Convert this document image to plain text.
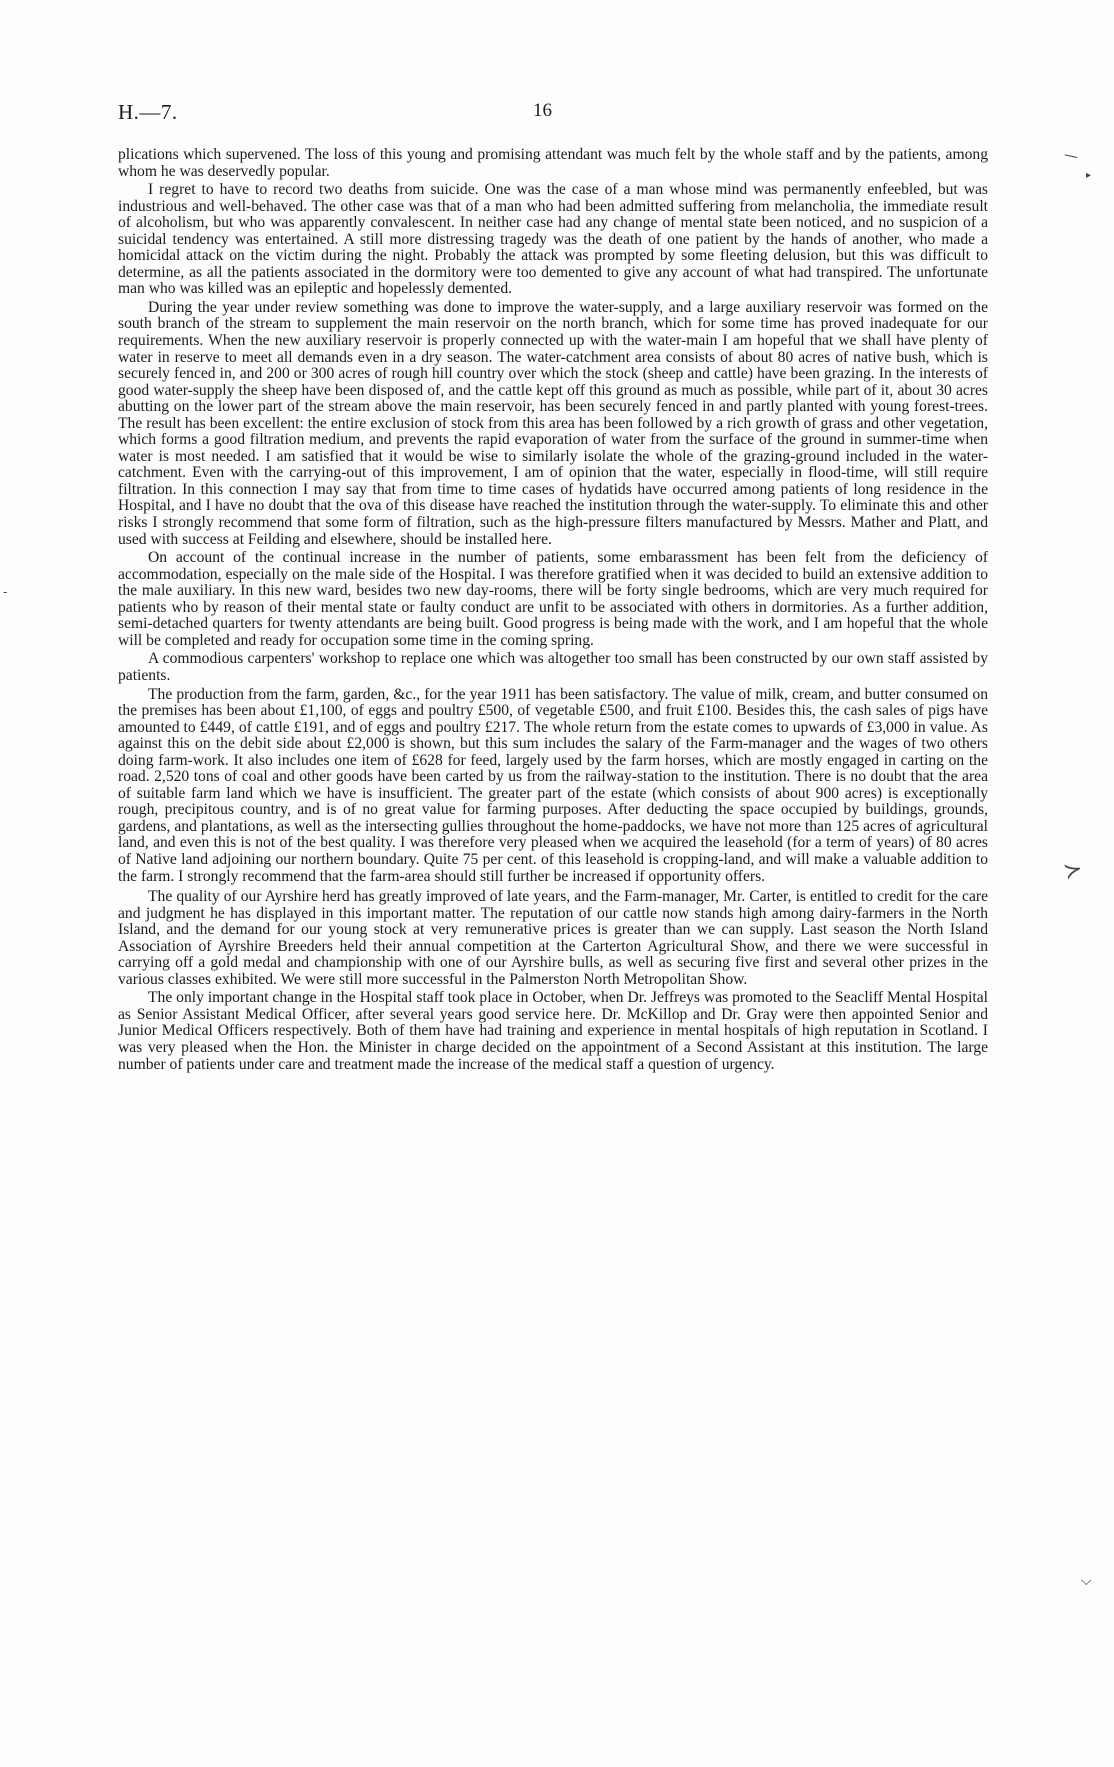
H.—7.	16

plications which supervened. The loss of this young and promising attendant was much felt by the whole staff and by the patients, among whom he was deservedly popular.

I regret to have to record two deaths from suicide. One was the case of a man whose mind was permanently enfeebled, but was industrious and well-behaved. The other case was that of a man who had been admitted suffering from melancholia, the immediate result of alcoholism, but who was apparently convalescent. In neither case had any change of mental state been noticed, and no suspicion of a suicidal tendency was entertained. A still more distressing tragedy was the death of one patient by the hands of another, who made a homicidal attack on the victim during the night. Probably the attack was prompted by some fleeting delusion, but this was difficult to determine, as all the patients associated in the dormitory were too demented to give any account of what had transpired. The unfortunate man who was killed was an epileptic and hopelessly demented.

During the year under review something was done to improve the water-supply, and a large auxiliary reservoir was formed on the south branch of the stream to supplement the main reservoir on the north branch, which for some time has proved inadequate for our requirements. When the new auxiliary reservoir is properly connected up with the water-main I am hopeful that we shall have plenty of water in reserve to meet all demands even in a dry season. The water-catchment area consists of about 80 acres of native bush, which is securely fenced in, and 200 or 300 acres of rough hill country over which the stock (sheep and cattle) have been grazing. In the interests of good water-supply the sheep have been disposed of, and the cattle kept off this ground as much as possible, while part of it, about 30 acres abutting on the lower part of the stream above the main reservoir, has been securely fenced in and partly planted with young forest-trees. The result has been excellent: the entire exclusion of stock from this area has been followed by a rich growth of grass and other vegetation, which forms a good filtration medium, and prevents the rapid evaporation of water from the surface of the ground in summer-time when water is most needed. I am satisfied that it would be wise to similarly isolate the whole of the grazing-ground included in the water-catchment. Even with the carrying-out of this improvement, I am of opinion that the water, especially in flood-time, will still require filtration. In this connection I may say that from time to time cases of hydatids have occurred among patients of long residence in the Hospital, and I have no doubt that the ova of this disease have reached the institution through the water-supply. To eliminate this and other risks I strongly recommend that some form of filtration, such as the high-pressure filters manufactured by Messrs. Mather and Platt, and used with success at Feilding and elsewhere, should be installed here.

On account of the continual increase in the number of patients, some embarassment has been felt from the deficiency of accommodation, especially on the male side of the Hospital. I was therefore gratified when it was decided to build an extensive addition to the male auxiliary. In this new ward, besides two new day-rooms, there will be forty single bedrooms, which are very much required for patients who by reason of their mental state or faulty conduct are unfit to be associated with others in dormitories. As a further addition, semi-detached quarters for twenty attendants are being built. Good progress is being made with the work, and I am hopeful that the whole will be completed and ready for occupation some time in the coming spring.

A commodious carpenters' workshop to replace one which was altogether too small has been constructed by our own staff assisted by patients.

The production from the farm, garden, &c., for the year 1911 has been satisfactory. The value of milk, cream, and butter consumed on the premises has been about £1,100, of eggs and poultry £500, of vegetable £500, and fruit £100. Besides this, the cash sales of pigs have amounted to £449, of cattle £191, and of eggs and poultry £217. The whole return from the estate comes to upwards of £3,000 in value. As against this on the debit side about £2,000 is shown, but this sum includes the salary of the Farm-manager and the wages of two others doing farm-work. It also includes one item of £628 for feed, largely used by the farm horses, which are mostly engaged in carting on the road. 2,520 tons of coal and other goods have been carted by us from the railway-station to the institution. There is no doubt that the area of suitable farm land which we have is insufficient. The greater part of the estate (which consists of about 900 acres) is exceptionally rough, precipitous country, and is of no great value for farming purposes. After deducting the space occupied by buildings, grounds, gardens, and plantations, as well as the intersecting gullies throughout the home-paddocks, we have not more than 125 acres of agricultural land, and even this is not of the best quality. I was therefore very pleased when we acquired the leasehold (for a term of years) of 80 acres of Native land adjoining our northern boundary. Quite 75 per cent. of this leasehold is cropping-land, and will make a valuable addition to the farm. I strongly recommend that the farm-area should still further be increased if opportunity offers.

The quality of our Ayrshire herd has greatly improved of late years, and the Farm-manager, Mr. Carter, is entitled to credit for the care and judgment he has displayed in this important matter. The reputation of our cattle now stands high among dairy-farmers in the North Island, and the demand for our young stock at very remunerative prices is greater than we can supply. Last season the North Island Association of Ayrshire Breeders held their annual competition at the Carterton Agricultural Show, and there we were successful in carrying off a gold medal and championship with one of our Ayrshire bulls, as well as securing five first and several other prizes in the various classes exhibited. We were still more successful in the Palmerston North Metropolitan Show.

The only important change in the Hospital staff took place in October, when Dr. Jeffreys was promoted to the Seacliff Mental Hospital as Senior Assistant Medical Officer, after several years good service here. Dr. McKillop and Dr. Gray were then appointed Senior and Junior Medical Officers respectively. Both of them have had training and experience in mental hospitals of high reputation in Scotland. I was very pleased when the Hon. the Minister in charge decided on the appointment of a Second Assistant at this institution. The large number of patients under care and treatment made the increase of the medical staff a question of urgency.

—
▸
-
≻
⌵
